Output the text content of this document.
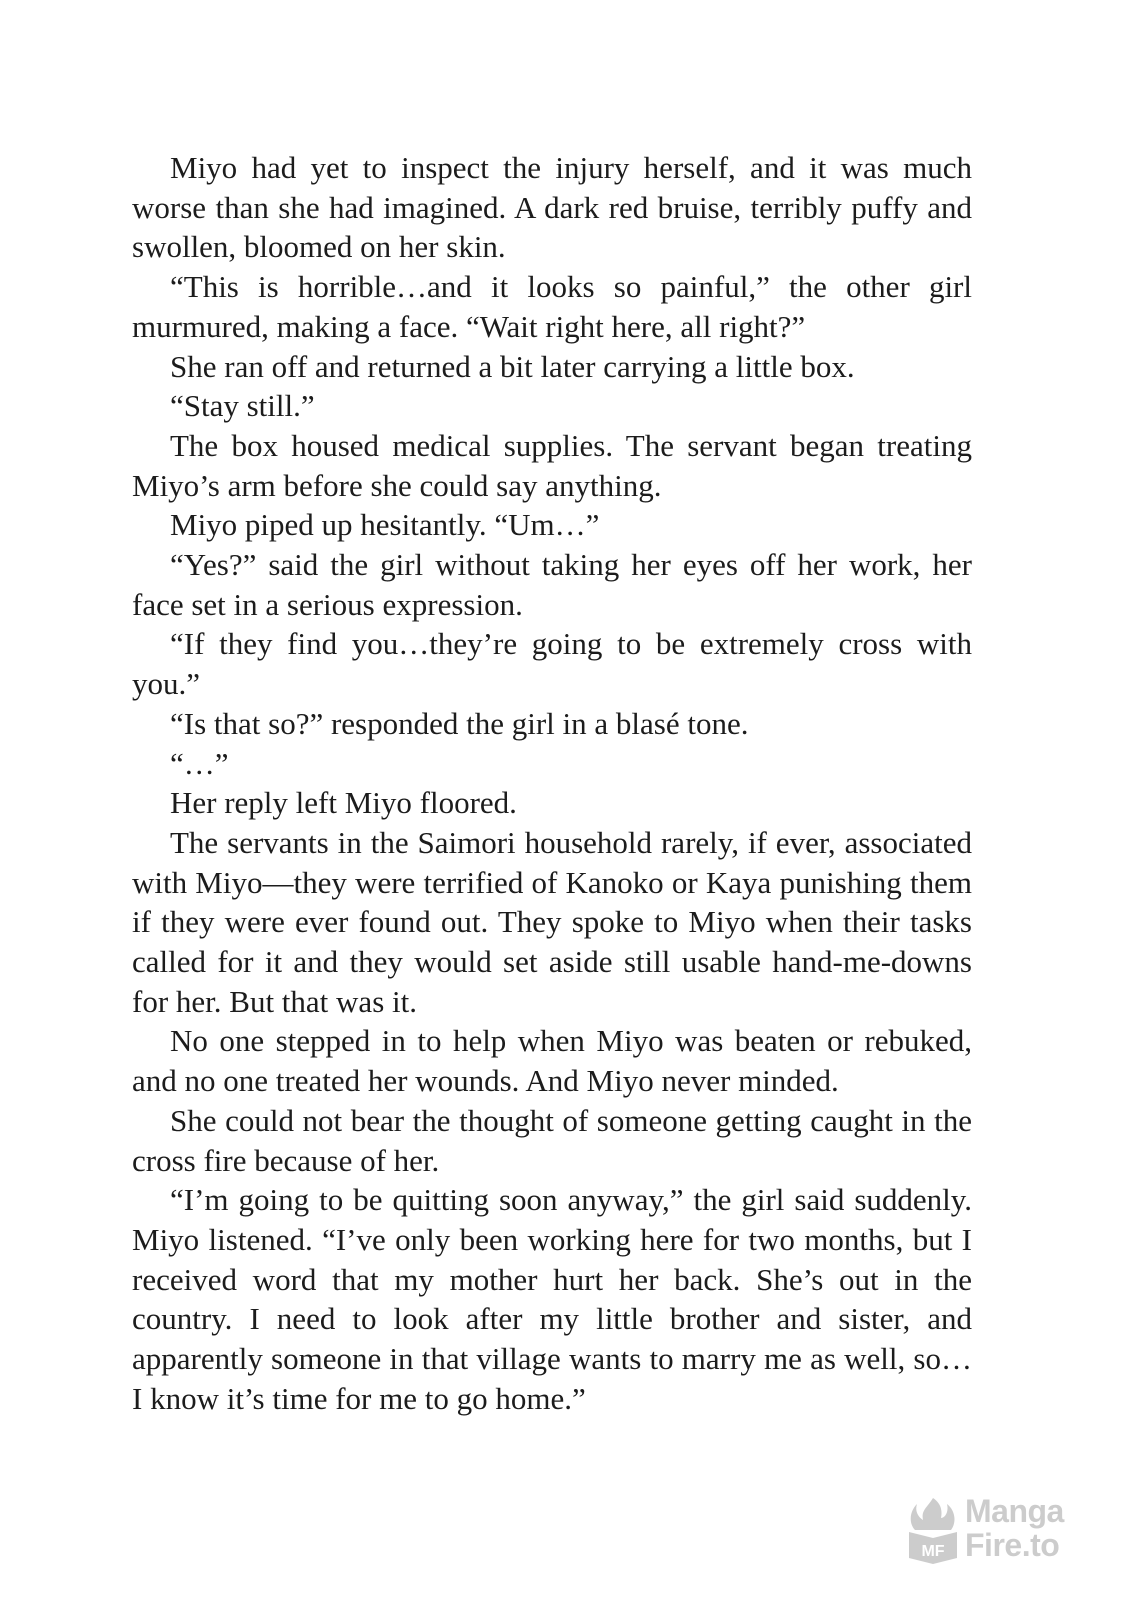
Miyo had yet to inspect the injury herself, and it was much worse than she had imagined. A dark red bruise, terribly puffy and swollen, bloomed on her skin.

“This is horrible…and it looks so painful,” the other girl murmured, making a face. “Wait right here, all right?”

She ran off and returned a bit later carrying a little box.

“Stay still.”

The box housed medical supplies. The servant began treating Miyo’s arm before she could say anything.

Miyo piped up hesitantly. “Um…”

“Yes?” said the girl without taking her eyes off her work, her face set in a serious expression.

“If they find you…they’re going to be extremely cross with you.”

“Is that so?” responded the girl in a blasé tone.

“…”

Her reply left Miyo floored.

The servants in the Saimori household rarely, if ever, associated with Miyo—they were terrified of Kanoko or Kaya punishing them if they were ever found out. They spoke to Miyo when their tasks called for it and they would set aside still usable hand-me-downs for her. But that was it.

No one stepped in to help when Miyo was beaten or rebuked, and no one treated her wounds. And Miyo never minded.

She could not bear the thought of someone getting caught in the cross fire because of her.

“I’m going to be quitting soon anyway,” the girl said suddenly. Miyo listened. “I’ve only been working here for two months, but I received word that my mother hurt her back. She’s out in the country. I need to look after my little brother and sister, and apparently someone in that village wants to marry me as well, so…I know it’s time for me to go home.”

MF
Manga
Fire.to
